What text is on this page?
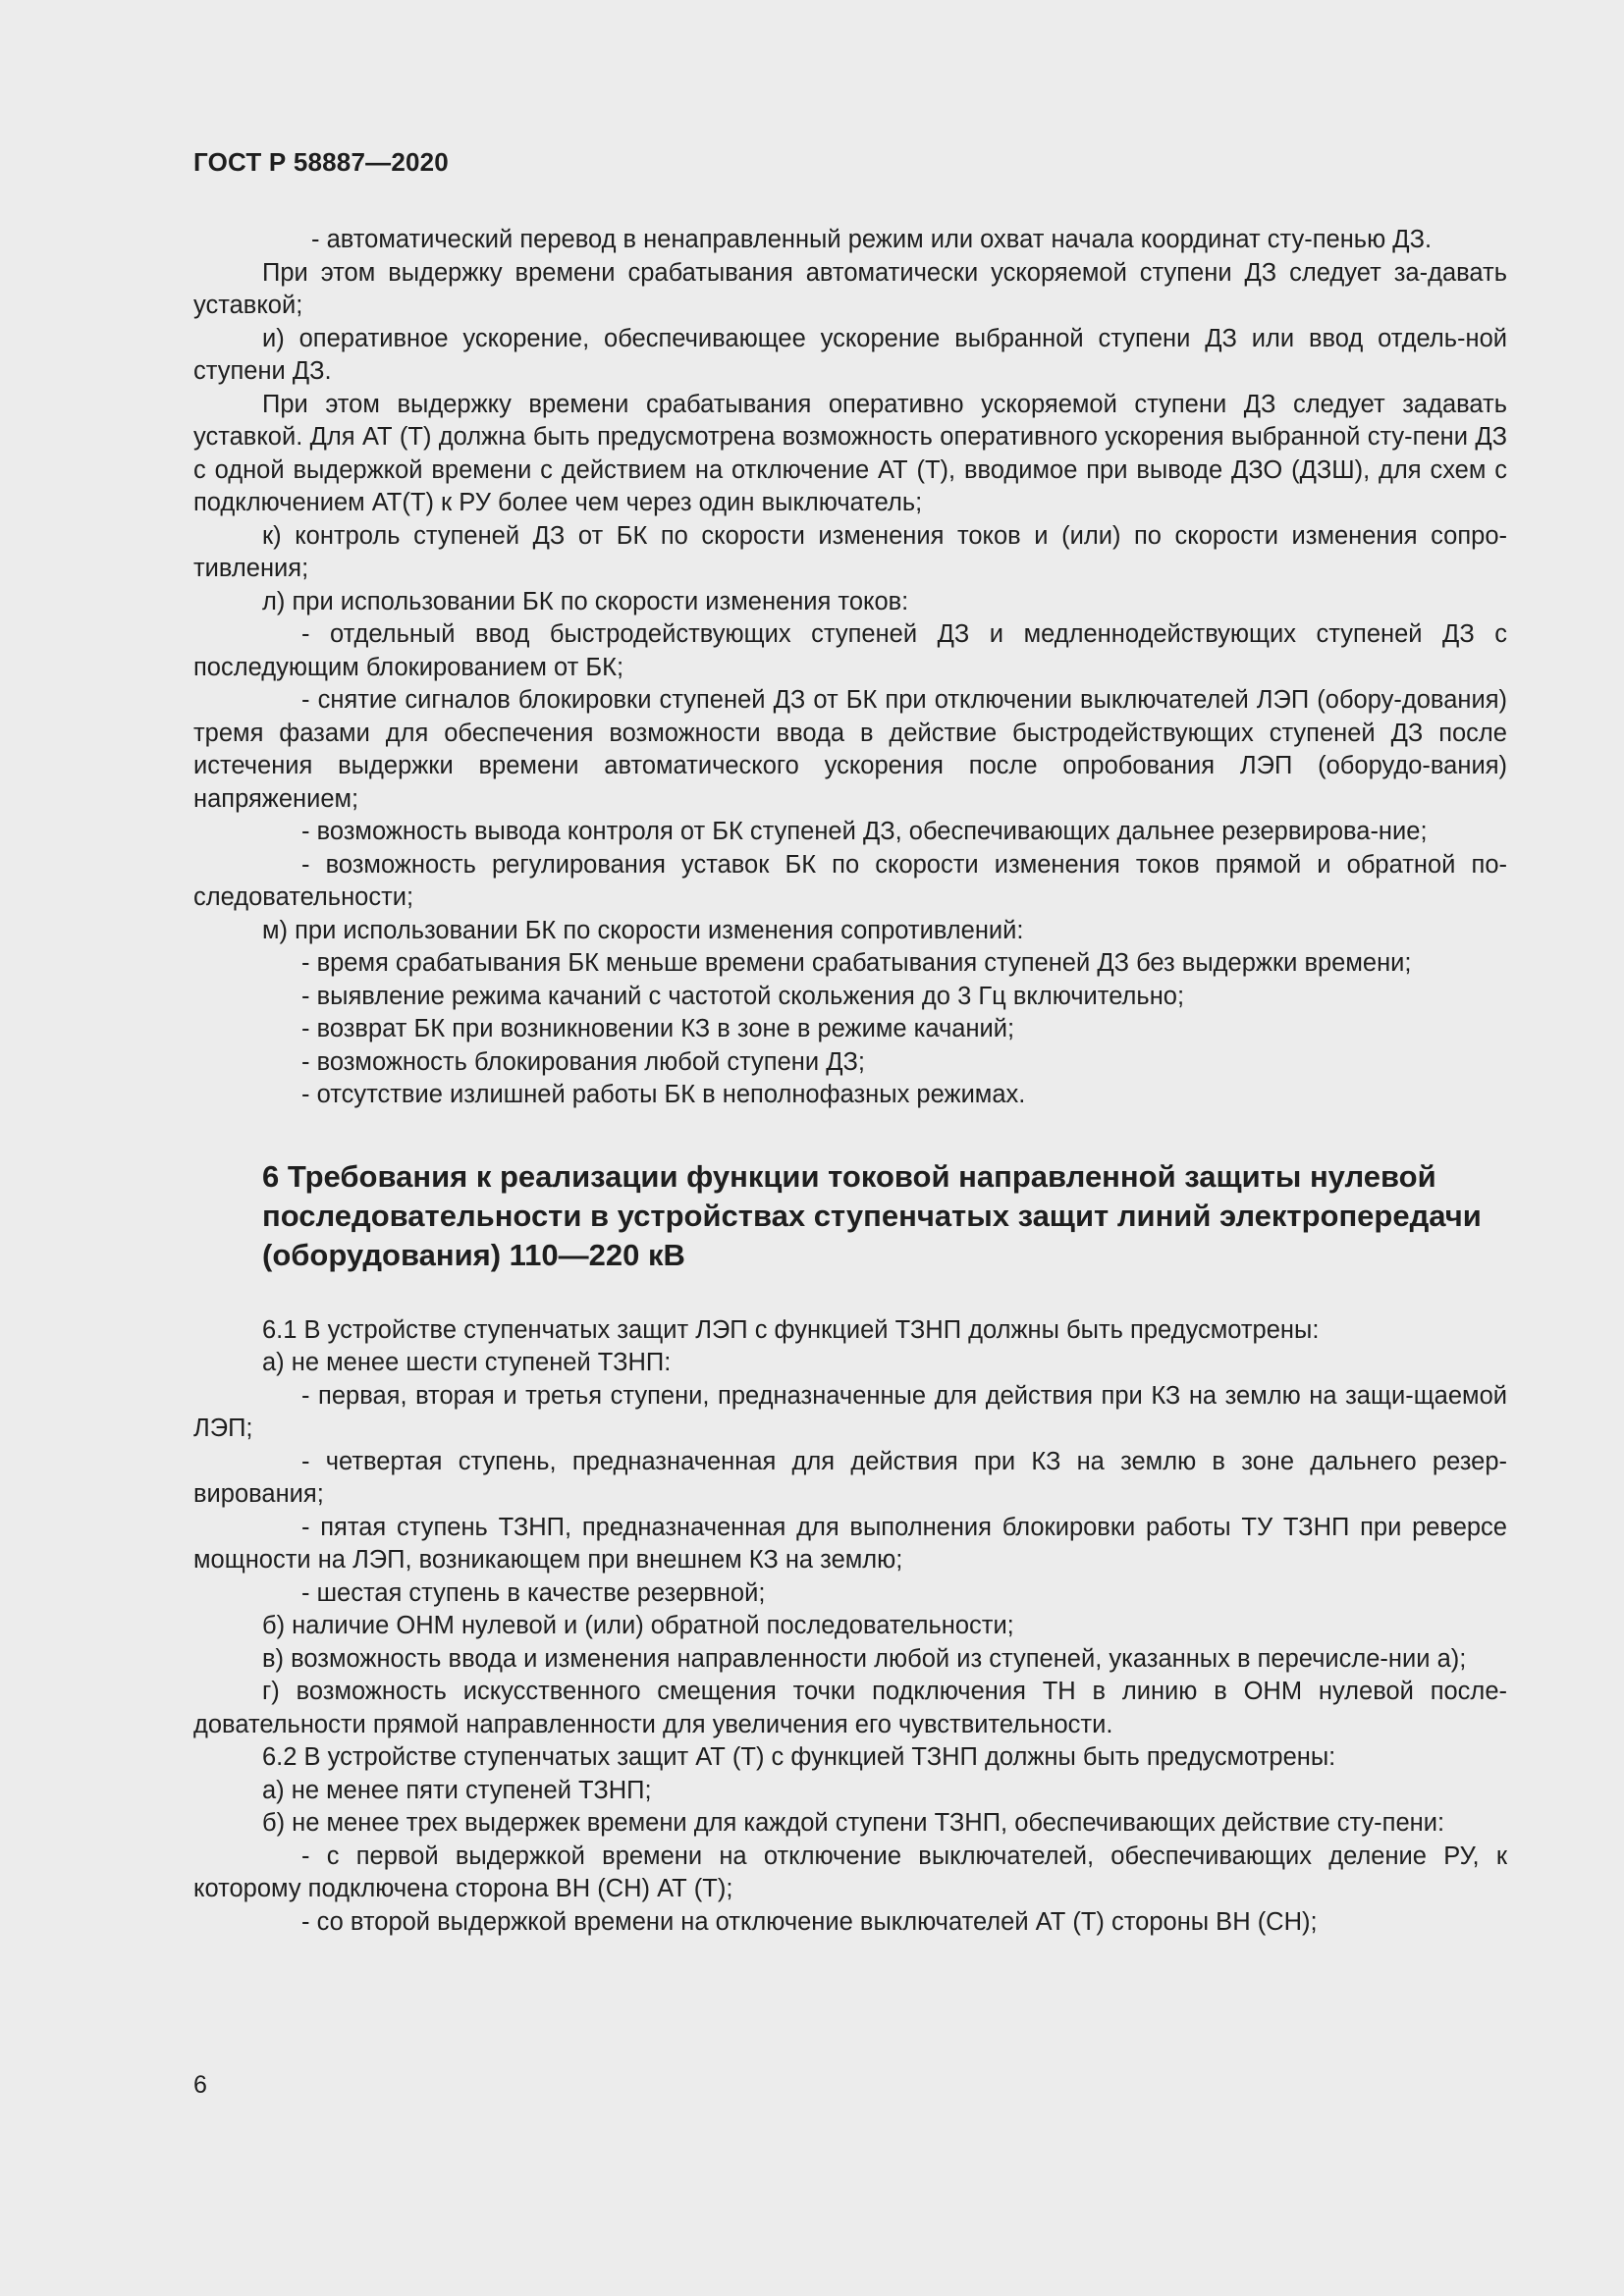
ГОСТ Р 58887—2020

- автоматический перевод в ненаправленный режим или охват начала координат сту-пенью ДЗ.

При этом выдержку времени срабатывания автоматически ускоряемой ступени ДЗ следует за-давать уставкой;

и) оперативное ускорение, обеспечивающее ускорение выбранной ступени ДЗ или ввод отдель-ной ступени ДЗ.

При этом выдержку времени срабатывания оперативно ускоряемой ступени ДЗ следует задавать уставкой. Для АТ (Т) должна быть предусмотрена возможность оперативного ускорения выбранной сту-пени ДЗ с одной выдержкой времени с действием на отключение АТ (Т), вводимое при выводе ДЗО (ДЗШ), для схем с подключением АТ(Т) к РУ более чем через один выключатель;

к) контроль ступеней ДЗ от БК по скорости изменения токов и (или) по скорости изменения сопро-тивления;

л) при использовании БК по скорости изменения токов:

- отдельный ввод быстродействующих ступеней ДЗ и медленнодействующих ступеней ДЗ с последующим блокированием от БК;

- снятие сигналов блокировки ступеней ДЗ от БК при отключении выключателей ЛЭП (обору-дования) тремя фазами для обеспечения возможности ввода в действие быстродействующих ступеней ДЗ после истечения выдержки времени автоматического ускорения после опробования ЛЭП (оборудо-вания) напряжением;

- возможность вывода контроля от БК ступеней ДЗ, обеспечивающих дальнее резервирова-ние;

- возможность регулирования уставок БК по скорости изменения токов прямой и обратной по-следовательности;

м) при использовании БК по скорости изменения сопротивлений:

- время срабатывания БК меньше времени срабатывания ступеней ДЗ без выдержки времени;

- выявление режима качаний с частотой скольжения до 3 Гц включительно;

- возврат БК при возникновении КЗ в зоне в режиме качаний;

- возможность блокирования любой ступени ДЗ;

- отсутствие излишней работы БК в неполнофазных режимах.

6 Требования к реализации функции токовой направленной защиты нулевой последовательности в устройствах ступенчатых защит линий электропередачи (оборудования) 110—220 кВ

6.1 В устройстве ступенчатых защит ЛЭП с функцией ТЗНП должны быть предусмотрены:

а) не менее шести ступеней ТЗНП:

- первая, вторая и третья ступени, предназначенные для действия при КЗ на землю на защи-щаемой ЛЭП;

- четвертая ступень, предназначенная для действия при КЗ на землю в зоне дальнего резер-вирования;

- пятая ступень ТЗНП, предназначенная для выполнения блокировки работы ТУ ТЗНП при реверсе мощности на ЛЭП, возникающем при внешнем КЗ на землю;

- шестая ступень в качестве резервной;

б) наличие ОНМ нулевой и (или) обратной последовательности;

в) возможность ввода и изменения направленности любой из ступеней, указанных в перечисле-нии а);

г) возможность искусственного смещения точки подключения ТН в линию в ОНМ нулевой после-довательности прямой направленности для увеличения его чувствительности.

6.2 В устройстве ступенчатых защит АТ (Т) с функцией ТЗНП должны быть предусмотрены:

а) не менее пяти ступеней ТЗНП;

б) не менее трех выдержек времени для каждой ступени ТЗНП, обеспечивающих действие сту-пени:

- с первой выдержкой времени на отключение выключателей, обеспечивающих деление РУ, к которому подключена сторона ВН (СН) АТ (Т);

- со второй выдержкой времени на отключение выключателей АТ (Т) стороны ВН (СН);

6
